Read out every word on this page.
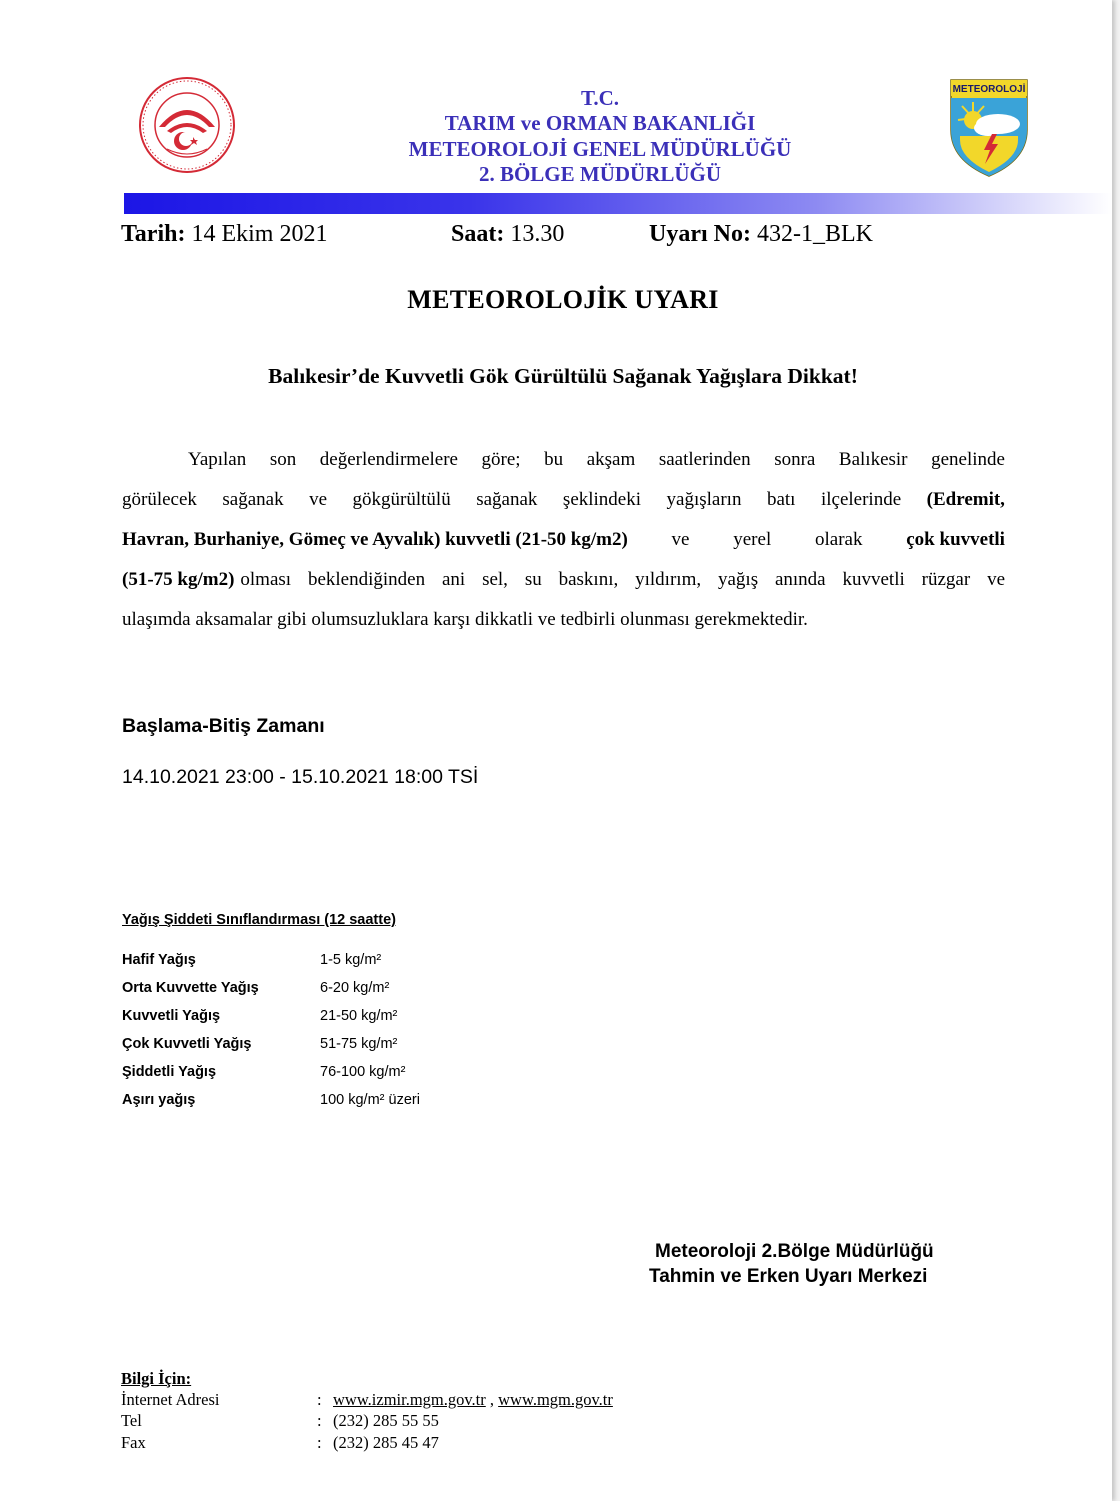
T.C.
TARIM ve ORMAN BAKANLIĞI
METEOROLOJİ GENEL MÜDÜRLÜĞÜ
2. BÖLGE MÜDÜRLÜĞÜ
METEOROLOJİ
Tarih: 14 Ekim 2021	Saat: 13.30	Uyarı No: 432-1_BLK
METEOROLOJİK UYARI
Balıkesir’de Kuvvetli Gök Gürültülü Sağanak Yağışlara Dikkat!
Yapılan son değerlendirmelere göre; bu akşam saatlerinden sonra Balıkesir genelinde
görülecek sağanak ve gökgürültülü sağanak şeklindeki yağışların batı ilçelerinde (Edremit,
Havran, Burhaniye, Gömeç ve Ayvalık) kuvvetli (21-50 kg/m2) ve yerel olarak çok kuvvetli
(51-75 kg/m2) olması beklendiğinden ani sel, su baskını, yıldırım, yağış anında kuvvetli rüzgar ve
ulaşımda aksamalar gibi olumsuzluklara karşı dikkatli ve tedbirli olunması gerekmektedir.
Başlama-Bitiş Zamanı
14.10.2021 23:00 - 15.10.2021 18:00 TSİ
Yağış Şiddeti Sınıflandırması (12 saatte)
Hafif Yağış	1-5 kg/m²
Orta Kuvvette Yağış	6-20 kg/m²
Kuvvetli Yağış	21-50 kg/m²
Çok Kuvvetli Yağış	51-75 kg/m²
Şiddetli Yağış	76-100 kg/m²
Aşırı yağış	100 kg/m² üzeri
Meteoroloji 2.Bölge Müdürlüğü
Tahmin ve Erken Uyarı Merkezi
Bilgi İçin:
İnternet Adresi	: www.izmir.mgm.gov.tr , www.mgm.gov.tr
Tel	: (232) 285 55 55
Fax	: (232) 285 45 47
